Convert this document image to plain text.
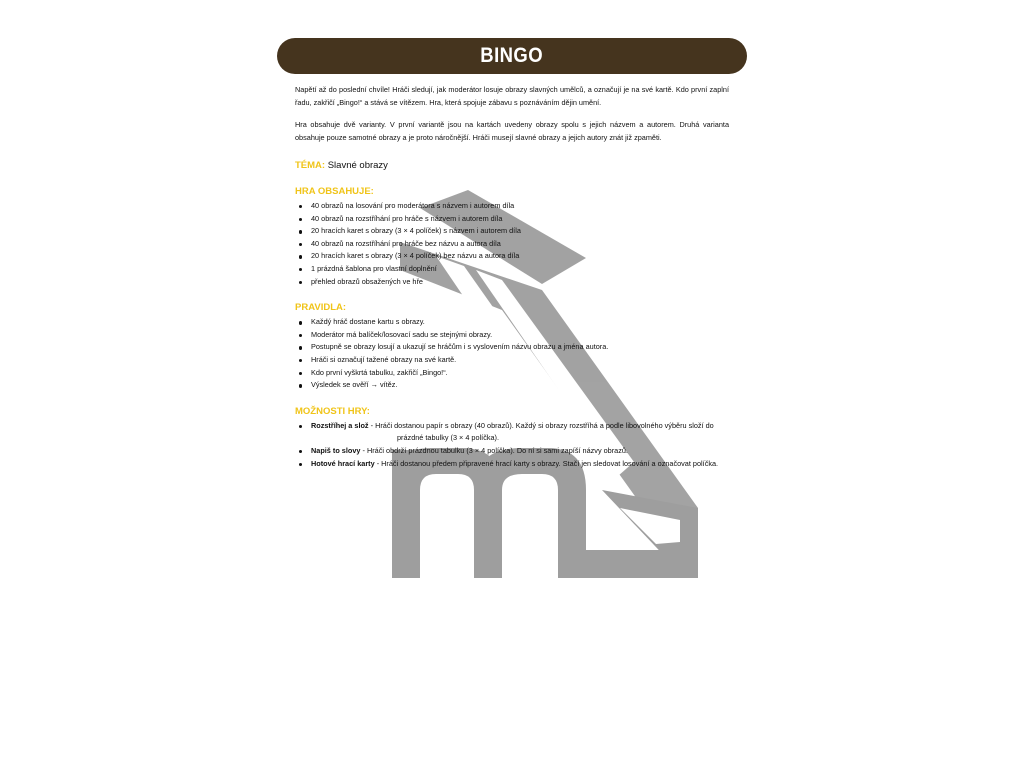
BINGO

Napětí až do poslední chvíle! Hráči sledují, jak moderátor losuje obrazy slavných umělců, a označují je na své kartě. Kdo první zaplní řadu, zakřičí „Bingo!“ a stává se vítězem. Hra, která spojuje zábavu s poznáváním dějin umění.

Hra obsahuje dvě varianty. V první variantě jsou na kartách uvedeny obrazy spolu s jejich názvem a autorem. Druhá varianta obsahuje pouze samotné obrazy a je proto náročnější. Hráči musejí slavné obrazy a jejich autory znát již zpaměti.

TÉMA: Slavné obrazy
HRA OBSAHUJE:
40 obrazů na losování pro moderátora s názvem i autorem díla
40 obrazů na rozstříhání pro hráče s názvem i autorem díla
20 hracích karet s obrazy (3 × 4 políček) s názvem i autorem díla
40 obrazů na rozstříhání pro hráče bez názvu a autora díla
20 hracích karet s obrazy (3 × 4 políček) bez názvu a autora díla
1 prázdná šablona pro vlastní doplnění
přehled obrazů obsažených ve hře
PRAVIDLA:
Každý hráč dostane kartu s obrazy.
Moderátor má balíček/losovací sadu se stejnými obrazy.
Postupně se obrazy losují a ukazují se hráčům i s vyslovením názvu obrazu a jména autora.
Hráči si označují tažené obrazy na své kartě.
Kdo první vyškrtá tabulku, zakřičí „Bingo!“.
Výsledek se ověří → vítěz.
MOŽNOSTI HRY:
Rozstříhej a slož - Hráči dostanou papír s obrazy (40 obrazů). Každý si obrazy rozstříhá a podle libovolného výběru složí do
prázdné tabulky (3 × 4 políčka).
Napiš to slovy - Hráči obdrží prázdnou tabulku (3 × 4 políčka). Do ní si sami zapíší názvy obrazů.
Hotové hrací karty - Hráči dostanou předem připravené hrací karty s obrazy. Stačí jen sledovat losování a označovat políčka.
